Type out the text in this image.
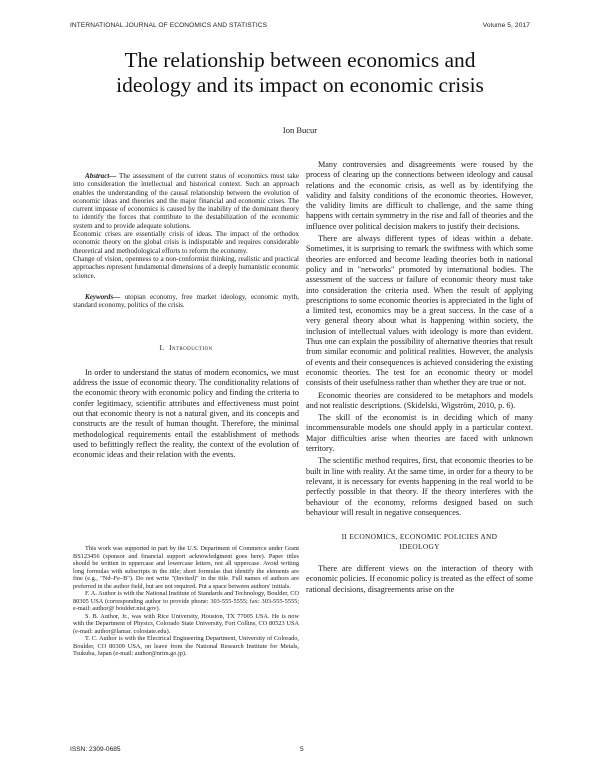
INTERNATIONAL JOURNAL OF ECONOMICS AND STATISTICS	Volume 5, 2017
The relationship between economics and
ideology and its impact on economic crisis
Ion Bucur

Abstract— The assessment of the current status of economics must take into consideration the intellectual and historical context. Such an approach enables the understanding of the causal relationship between the evolution of economic ideas and theories and the major financial and economic crises. The current impasse of economics is caused by the inability of the dominant theory to identify the forces that contribute to the destabilization of the economic system and to provide adequate solutions.

Economic crises are essentially crisis of ideas. The impact of the orthodox economic theory on the global crisis is indisputable and requires considerable theoretical and methodological efforts to reform the economy.

Change of vision, openness to a non-conformist thinking, realistic and practical approaches represent fundamental dimensions of a deeply humanistic economic science.

Keywords— utopian economy, free market ideology, economic myth, standard economy, politics of the crisis.

I. Introduction

In order to understand the status of modern economics, we must address the issue of economic theory. The conditionality relations of the economic theory with economic policy and finding the criteria to confer legitimacy, scientific attributes and effectiveness must point out that economic theory is not a natural given, and its concepts and constructs are the result of human thought. Therefore, the minimal methodological requirements entail the establishment of methods used to befittingly reflect the reality, the context of the evolution of economic ideas and their relation with the events.

This work was supported in part by the U.S. Department of Commerce under Grant BS123456 (sponsor and financial support acknowledgment goes here). Paper titles should be written in uppercase and lowercase letters, not all uppercase. Avoid writing long formulas with subscripts in the title; short formulas that identify the elements are fine (e.g., "Nd–Fe–B"). Do not write "(Invited)" in the title. Full names of authors are preferred in the author field, but are not required. Put a space between authors' initials.

F. A. Author is with the National Institute of Standards and Technology, Boulder, CO 80305 USA (corresponding author to provide phone: 303-555-5555; fax: 303-555-5555; e-mail: author@ boulder.nist.gov).

S. B. Author, Jr., was with Rice University, Houston, TX 77005 USA. He is now with the Department of Physics, Colorado State University, Fort Collins, CO 80523 USA (e-mail: author@lamar. colostate.edu).

T. C. Author is with the Electrical Engineering Department, University of Colorado, Boulder, CO 80309 USA, on leave from the National Research Institute for Metals, Tsukuba, Japan (e-mail: author@nrim.go.jp).

Many controversies and disagreements were roused by the process of clearing up the connections between ideology and causal relations and the economic crisis, as well as by identifying the validity and falsity conditions of the economic theories. However, the validity limits are difficult to challenge, and the same thing happens with certain symmetry in the rise and fall of theories and the influence over political decision makers to justify their decisions.

There are always different types of ideas within a debate. Sometimes, it is surprising to remark the swiftness with which some theories are enforced and become leading theories both in national policy and in "networks" promoted by international bodies. The assessment of the success or failure of economic theory must take into consideration the criteria used. When the result of applying prescriptions to some economic theories is appreciated in the light of a limited test, economics may be a great success. In the case of a very general theory about what is happening within society, the inclusion of intellectual values with ideology is more than evident. Thus one can explain the possibility of alternative theories that result from similar economic and political realities. However, the analysis of events and their consequences is achieved considering the existing economic theories. The test for an economic theory or model consists of their usefulness rather than whether they are true or not.

Economic theories are considered to be metaphors and models and not realistic descriptions. (Skidelski, Wigström, 2010, p. 6).

The skill of the economist is in deciding which of many incommensurable models one should apply in a particular context. Major difficulties arise when theories are faced with unknown territory.

The scientific method requires, first, that economic theories to be built in line with reality. At the same time, in order for a theory to be relevant, it is necessary for events happening in the real world to be perfectly possible in that theory. If the theory interferes with the behaviour of the economy, reforms designed based on such behaviour will result in negative consequences.

II ECONOMICS, ECONOMIC POLICIES AND
IDEOLOGY

There are different views on the interaction of theory with economic policies. If economic policy is treated as the effect of some rational decisions, disagreements arise on the

ISSN: 2309-0685	5
